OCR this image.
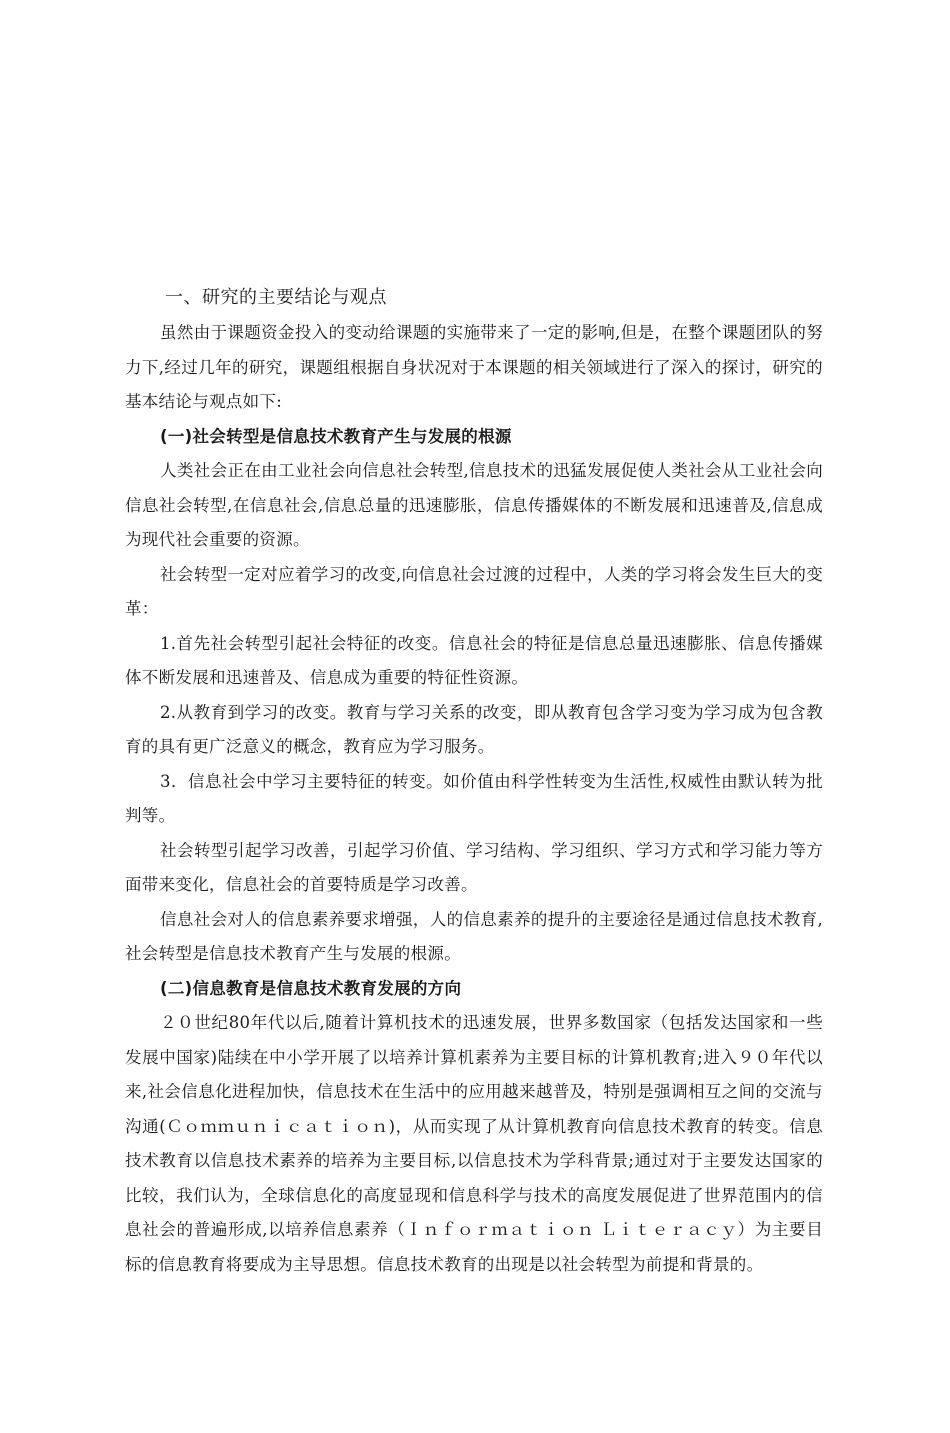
一、研究的主要结论与观点

虽然由于课题资金投入的变动给课题的实施带来了一定的影响,但是，在整个课题团队的努力下,经过几年的研究，课题组根据自身状况对于本课题的相关领域进行了深入的探讨，研究的基本结论与观点如下:

(一)社会转型是信息技术教育产生与发展的根源

人类社会正在由工业社会向信息社会转型,信息技术的迅猛发展促使人类社会从工业社会向信息社会转型,在信息社会,信息总量的迅速膨胀，信息传播媒体的不断发展和迅速普及,信息成为现代社会重要的资源。

社会转型一定对应着学习的改变,向信息社会过渡的过程中，人类的学习将会发生巨大的变革：

1.首先社会转型引起社会特征的改变。信息社会的特征是信息总量迅速膨胀、信息传播媒体不断发展和迅速普及、信息成为重要的特征性资源。

2.从教育到学习的改变。教育与学习关系的改变，即从教育包含学习变为学习成为包含教育的具有更广泛意义的概念，教育应为学习服务。

3．信息社会中学习主要特征的转变。如价值由科学性转变为生活性,权威性由默认转为批判等。

社会转型引起学习改善，引起学习价值、学习结构、学习组织、学习方式和学习能力等方面带来变化，信息社会的首要特质是学习改善。

信息社会对人的信息素养要求增强，人的信息素养的提升的主要途径是通过信息技术教育,社会转型是信息技术教育产生与发展的根源。

(二)信息教育是信息技术教育发展的方向

２０世纪80年代以后,随着计算机技术的迅速发展，世界多数国家（包括发达国家和一些发展中国家)陆续在中小学开展了以培养计算机素养为主要目标的计算机教育;进入９０年代以来,社会信息化进程加快，信息技术在生活中的应用越来越普及，特别是强调相互之间的交流与沟通(Ｃｏｍｍｕｎｉｃａｔｉｏｎ)，从而实现了从计算机教育向信息技术教育的转变。信息技术教育以信息技术素养的培养为主要目标,以信息技术为学科背景;通过对于主要发达国家的比较，我们认为，全球信息化的高度显现和信息科学与技术的高度发展促进了世界范围内的信息社会的普遍形成,以培养信息素养（Ｉｎｆｏｒｍａｔｉｏｎ Ｌｉｔｅｒａｃｙ）为主要目标的信息教育将要成为主导思想。信息技术教育的出现是以社会转型为前提和背景的。
